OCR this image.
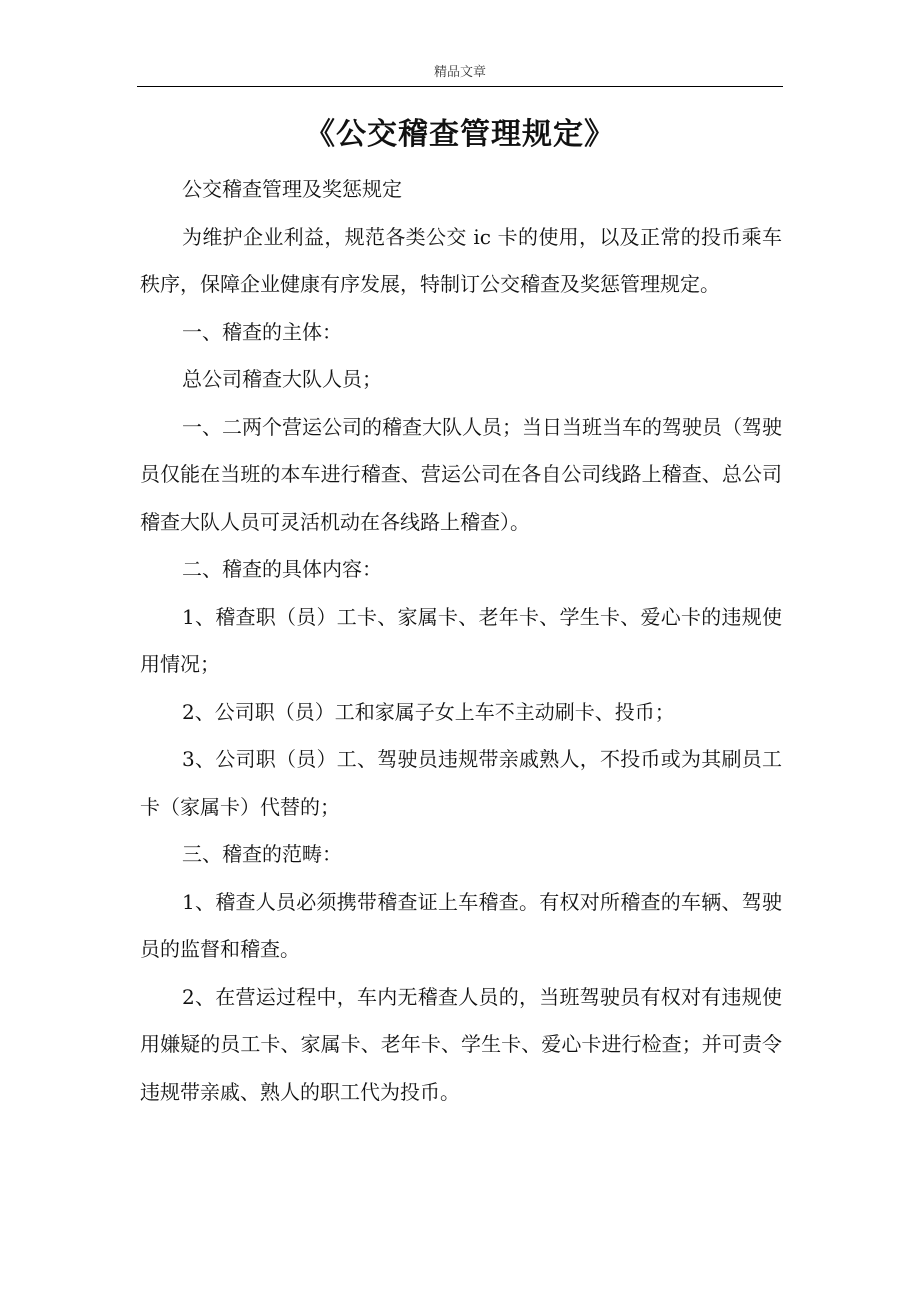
精品文章
《公交稽查管理规定》

公交稽查管理及奖惩规定

为维护企业利益，规范各类公交 ic 卡的使用，以及正常的投币乘车秩序，保障企业健康有序发展，特制订公交稽查及奖惩管理规定。

一、稽查的主体：

总公司稽查大队人员；

一、二两个营运公司的稽查大队人员；当日当班当车的驾驶员（驾驶员仅能在当班的本车进行稽查、营运公司在各自公司线路上稽查、总公司稽查大队人员可灵活机动在各线路上稽查）。

二、稽查的具体内容：

1、稽查职（员）工卡、家属卡、老年卡、学生卡、爱心卡的违规使用情况；

2、公司职（员）工和家属子女上车不主动刷卡、投币；

3、公司职（员）工、驾驶员违规带亲戚熟人，不投币或为其刷员工卡（家属卡）代替的；

三、稽查的范畴：

1、稽查人员必须携带稽查证上车稽查。有权对所稽查的车辆、驾驶员的监督和稽查。

2、在营运过程中，车内无稽查人员的，当班驾驶员有权对有违规使用嫌疑的员工卡、家属卡、老年卡、学生卡、爱心卡进行检查；并可责令违规带亲戚、熟人的职工代为投币。
